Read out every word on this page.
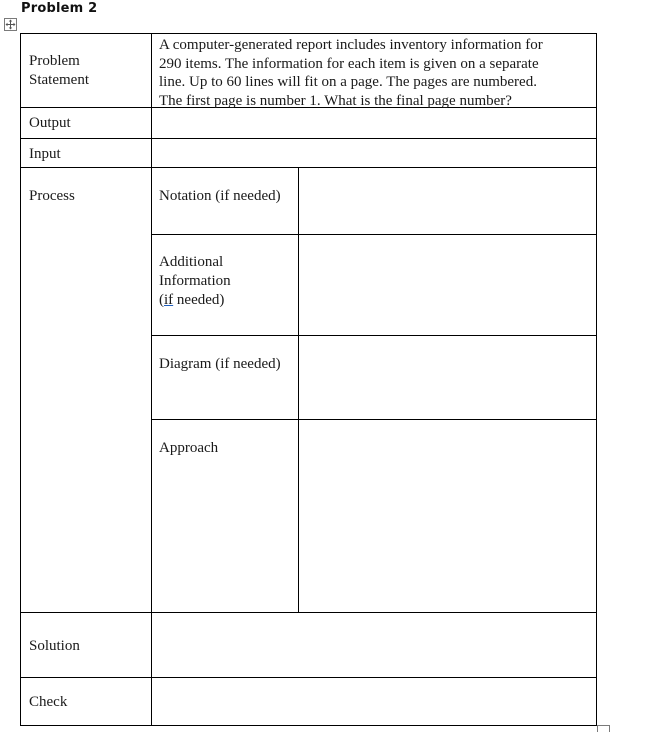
Problem 2
Problem
Statement
A computer-generated report includes inventory information for
290 items. The information for each item is given on a separate
line. Up to 60 lines will fit on a page. The pages are numbered.
The first page is number 1. What is the final page number?
Output
Input
Process	Notation (if needed)
Additional
Information
(if needed)
Diagram (if needed)
Approach
Solution
Check
